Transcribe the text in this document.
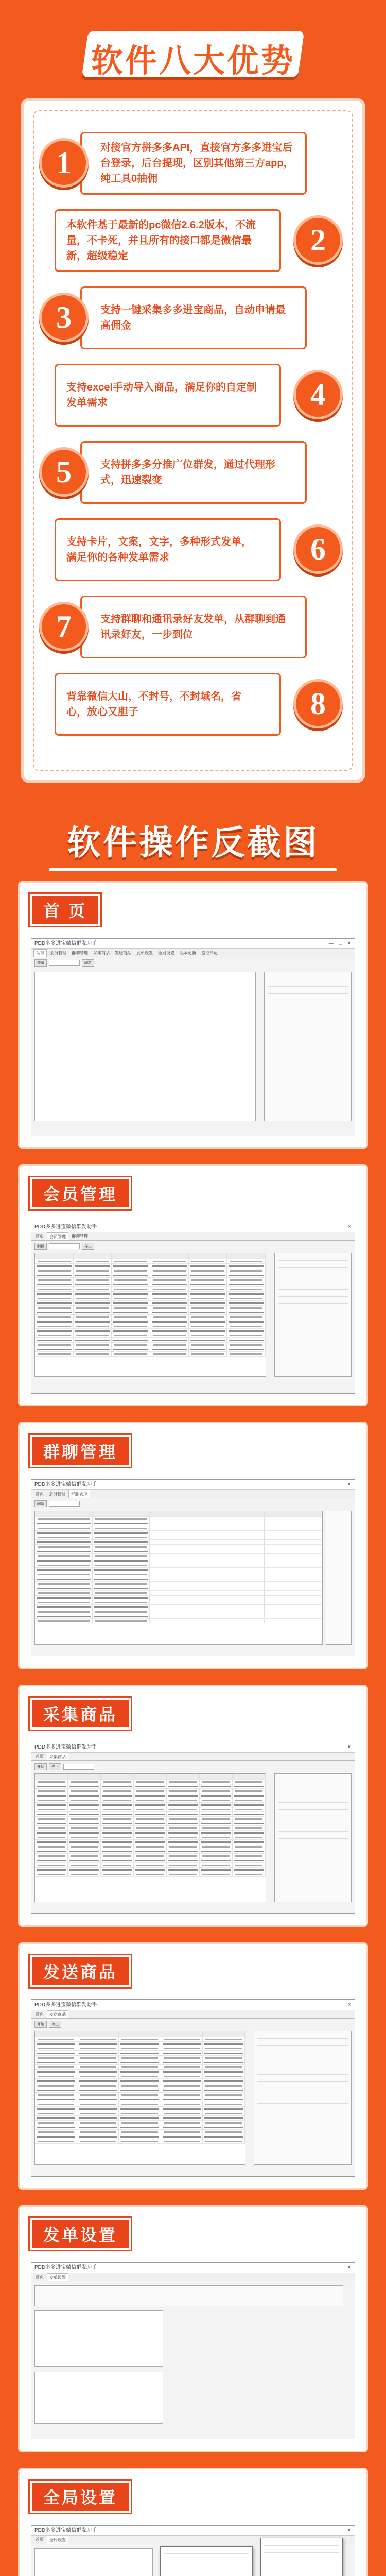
软件八大优势
对接官方拼多多API，直接官方多多进宝后台登录，后台提现，区别其他第三方app，纯工具0抽佣
1
本软件基于最新的pc微信2.6.2版本，不流量，不卡死，并且所有的接口都是微信最新，超级稳定	2
支持一键采集多多进宝商品，自动申请最高佣金
3
支持excel手动导入商品，满足你的自定制发单需求	4
支持拼多多分推广位群发，通过代理形式，迅速裂变
5
支持卡片，文案，文字，多种形式发单，满足你的各种发单需求	6
支持群聊和通讯录好友发单，从群聊到通讯录好友，一步到位
7
背靠微信大山，不封号，不封域名，省心，放心又胆子	8
软件操作反截图
首 页
PDD多多进宝微信群发助手	— □ ✕
首页	会员管理	群聊管理	采集商品	发送商品	发单设置	全局设置	版本更新	监控日记
登录	刷新
会员管理
PDD多多进宝微信群发助手	✕
首页	会员管理	群聊管理
刷新	导出
群聊管理
PDD多多进宝微信群发助手	✕
首页	会员管理	群聊管理
刷新
采集商品
PDD多多进宝微信群发助手	✕
首页	采集商品
开始	停止
发送商品
PDD多多进宝微信群发助手	✕
首页	发送商品
开始	停止
发单设置
PDD多多进宝微信群发助手	✕
首页	发单设置
全局设置
PDD多多进宝微信群发助手	✕
首页	全局设置
